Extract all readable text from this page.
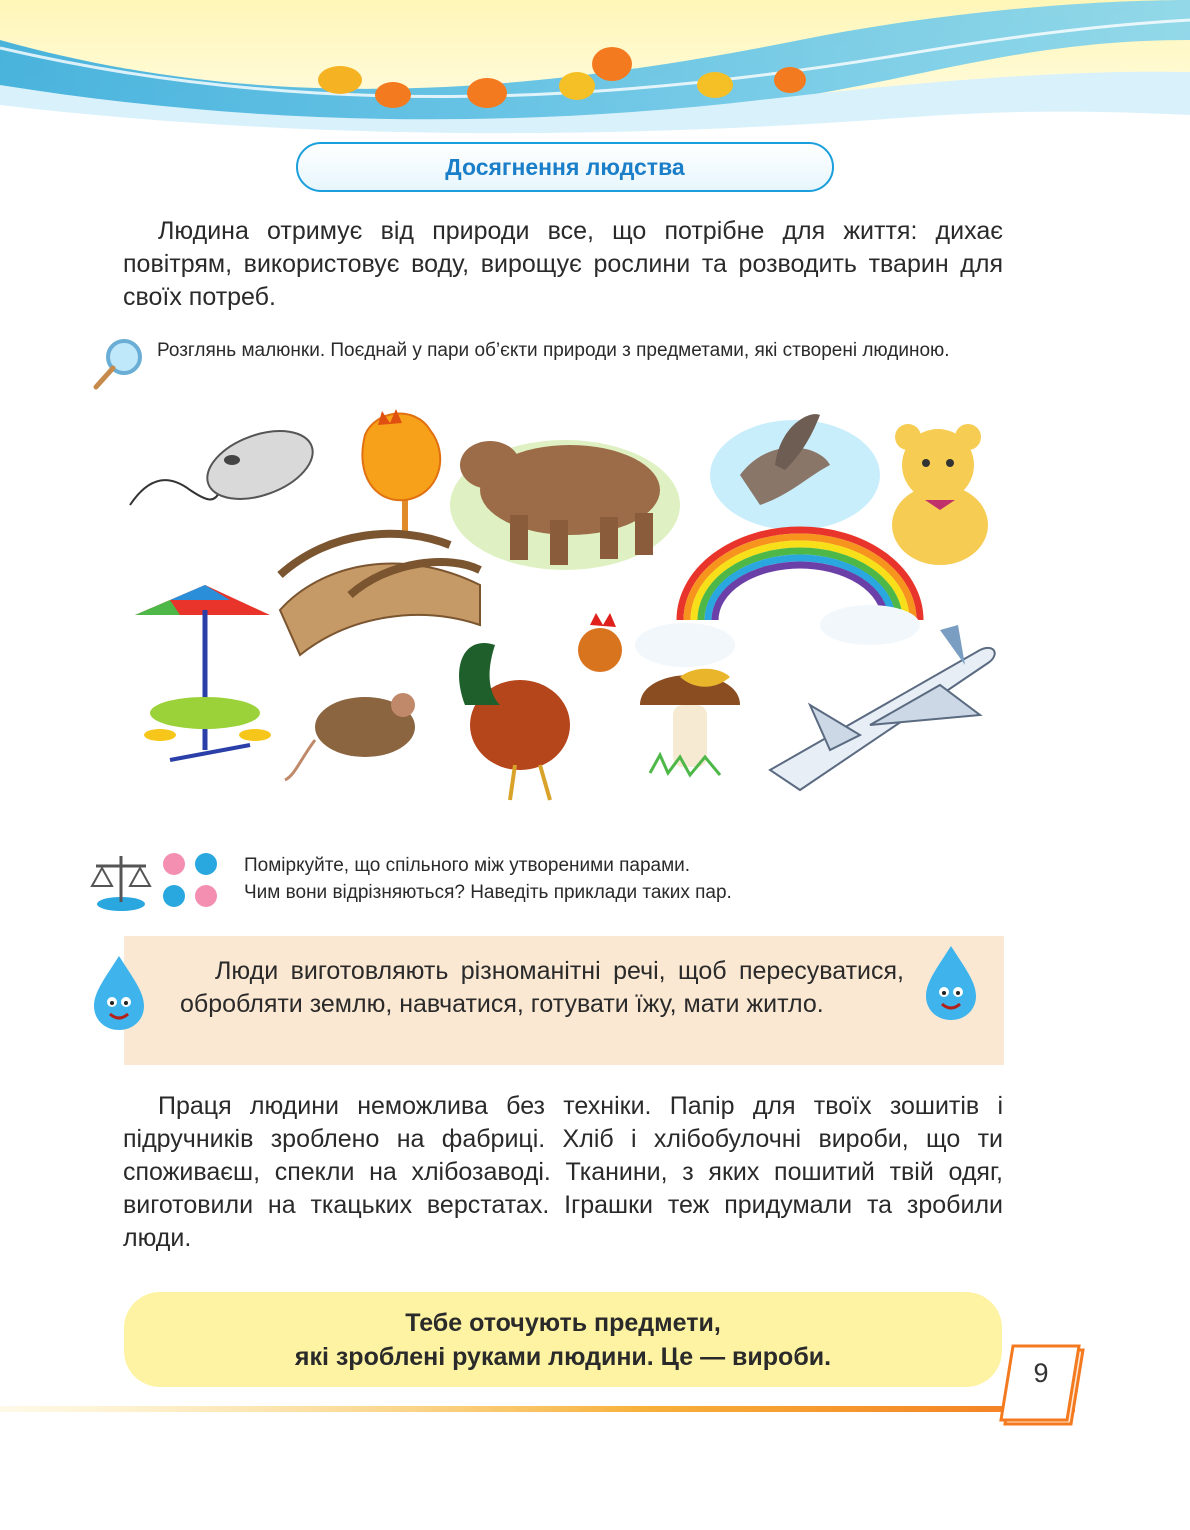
Досягнення людства

Людина отримує від природи все, що потрібне для життя: дихає повітрям, використовує воду, вирощує рослини та розводить тварин для своїх потреб.

Розглянь малюнки. Поєднай у пари об’єкти природи з предметами, які створені людиною.

Поміркуйте, що спільного між утвореними парами.
Чим вони відрізняються? Наведіть приклади таких пар.

Люди виготовляють різноманітні речі, щоб пересуватися, обробляти землю, навчатися, готувати їжу, мати житло.

Праця людини неможлива без техніки. Папір для твоїх зошитів і підручників зроблено на фабриці. Хліб і хлібобулочні вироби, що ти споживаєш, спекли на хлібозаводі. Тканини, з яких пошитий твій одяг, виготовили на ткацьких верстатах. Іграшки теж придумали та зробили люди.

Тебе оточують предмети,
які зроблені руками людини. Це — вироби.
9
